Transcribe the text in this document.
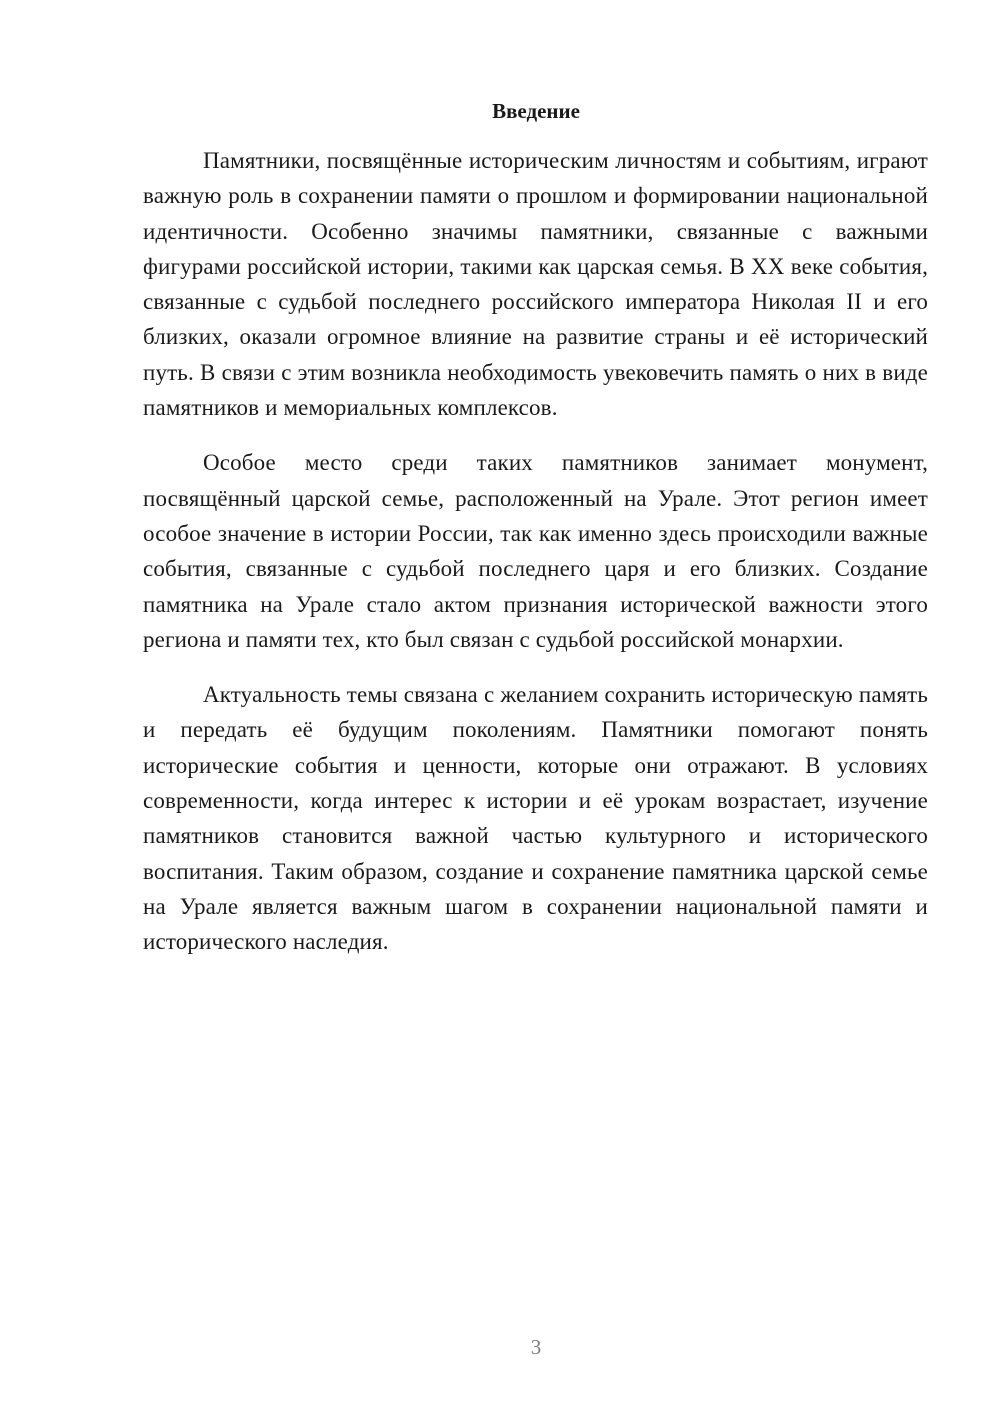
Введение

Памятники, посвящённые историческим личностям и событиям, играют важную роль в сохранении памяти о прошлом и формировании национальной идентичности. Особенно значимы памятники, связанные с важными фигурами российской истории, такими как царская семья. В XX веке события, связанные с судьбой последнего российского императора Николая II и его близких, оказали огромное влияние на развитие страны и её исторический путь. В связи с этим возникла необходимость увековечить память о них в виде памятников и мемориальных комплексов.

Особое место среди таких памятников занимает монумент, посвящённый царской семье, расположенный на Урале. Этот регион имеет особое значение в истории России, так как именно здесь происходили важные события, связанные с судьбой последнего царя и его близких. Создание памятника на Урале стало актом признания исторической важности этого региона и памяти тех, кто был связан с судьбой российской монархии.

Актуальность темы связана с желанием сохранить историческую память и передать её будущим поколениям. Памятники помогают понять исторические события и ценности, которые они отражают. В условиях современности, когда интерес к истории и её урокам возрастает, изучение памятников становится важной частью культурного и исторического воспитания. Таким образом, создание и сохранение памятника царской семье на Урале является важным шагом в сохранении национальной памяти и исторического наследия.

3
